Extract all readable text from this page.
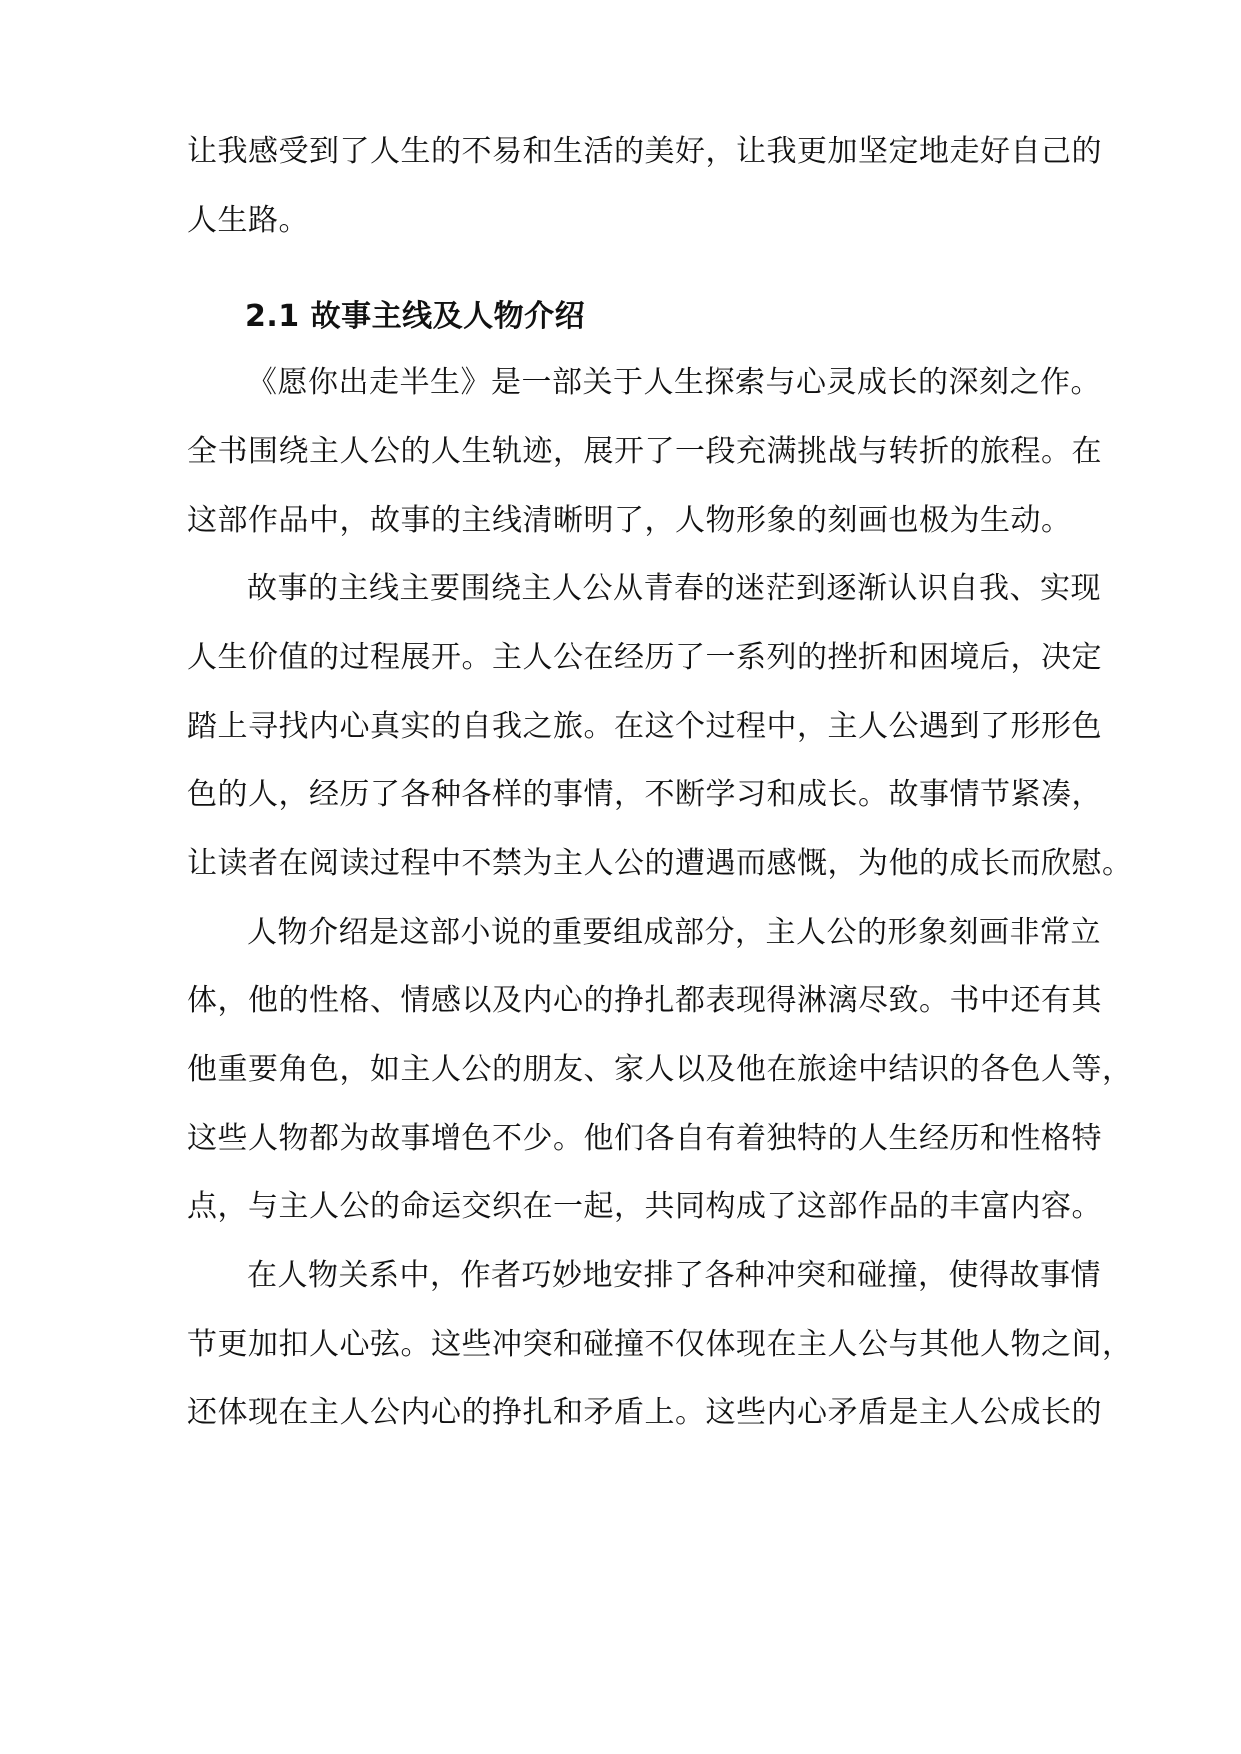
让我感受到了人生的不易和生活的美好，让我更加坚定地走好自己的
人生路。
2.1 故事主线及人物介绍
《愿你出走半生》是一部关于人生探索与心灵成长的深刻之作。
全书围绕主人公的人生轨迹，展开了一段充满挑战与转折的旅程。在
这部作品中，故事的主线清晰明了，人物形象的刻画也极为生动。
故事的主线主要围绕主人公从青春的迷茫到逐渐认识自我、实现
人生价值的过程展开。主人公在经历了一系列的挫折和困境后，决定
踏上寻找内心真实的自我之旅。在这个过程中，主人公遇到了形形色
色的人，经历了各种各样的事情，不断学习和成长。故事情节紧凑，
让读者在阅读过程中不禁为主人公的遭遇而感慨，为他的成长而欣慰。
人物介绍是这部小说的重要组成部分，主人公的形象刻画非常立
体，他的性格、情感以及内心的挣扎都表现得淋漓尽致。书中还有其
他重要角色，如主人公的朋友、家人以及他在旅途中结识的各色人等，
这些人物都为故事增色不少。他们各自有着独特的人生经历和性格特
点，与主人公的命运交织在一起，共同构成了这部作品的丰富内容。
在人物关系中，作者巧妙地安排了各种冲突和碰撞，使得故事情
节更加扣人心弦。这些冲突和碰撞不仅体现在主人公与其他人物之间，
还体现在主人公内心的挣扎和矛盾上。这些内心矛盾是主人公成长的
